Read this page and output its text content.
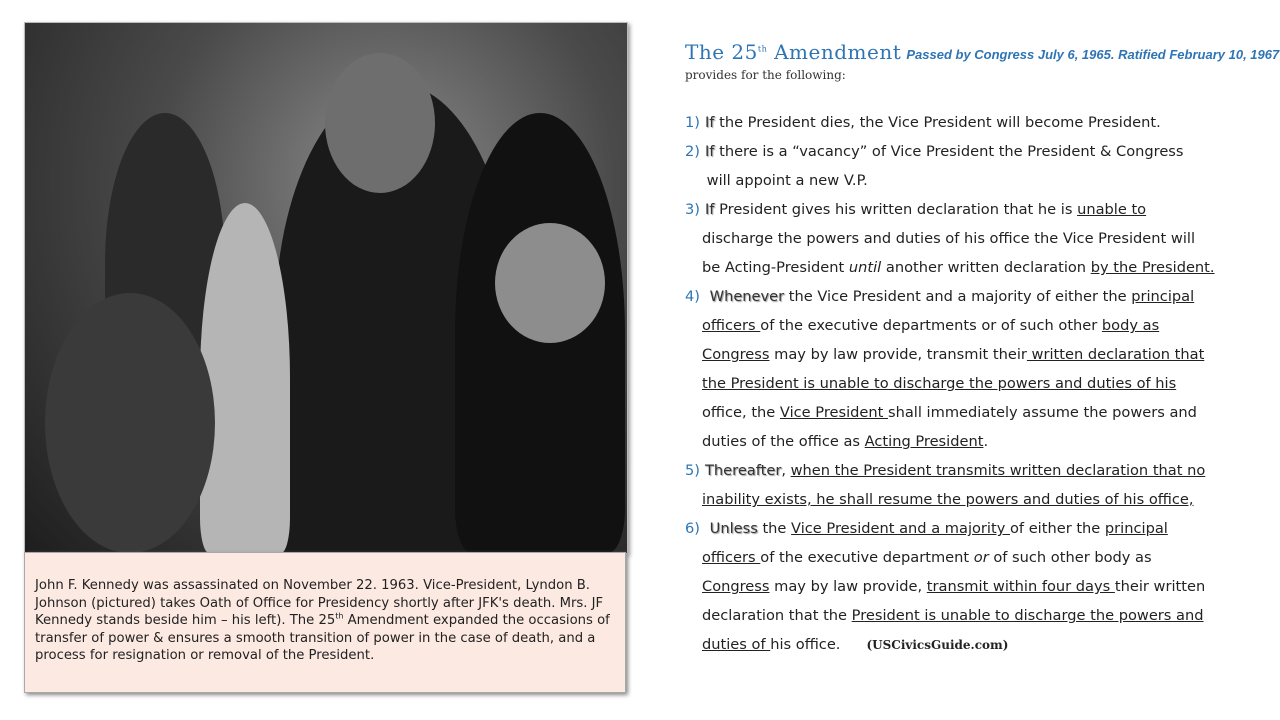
John F. Kennedy was assassinated on November 22. 1963. Vice-President, Lyndon B. Johnson (pictured) takes Oath of Office for Presidency shortly after JFK's death. Mrs. JF Kennedy stands beside him – his left). The 25th Amendment expanded the occasions of transfer of power & ensures a smooth transition of power in the case of death, and a process for resignation or removal of the President.

The 25th Amendment Passed by Congress July 6, 1965. Ratified February 10, 1967
provides for the following:
1) If the President dies, the Vice President will become President.
2) If there is a “vacancy” of Vice President the President & Congress
will appoint a new V.P.
3) If President gives his written declaration that he is unable to
discharge the powers and duties of his office the Vice President will
be Acting-President until another written declaration by the President.
4) Whenever the Vice President and a majority of either the principal
officers of the executive departments or of such other body as
Congress may by law provide, transmit their written declaration that
the President is unable to discharge the powers and duties of his
office, the Vice President shall immediately assume the powers and
duties of the office as Acting President.
5) Thereafter, when the President transmits written declaration that no
inability exists, he shall resume the powers and duties of his office,
6) Unless the Vice President and a majority of either the principal
officers of the executive department or of such other body as
Congress may by law provide, transmit within four days their written
declaration that the President is unable to discharge the powers and
duties of his office. (USCivicsGuide.com)
